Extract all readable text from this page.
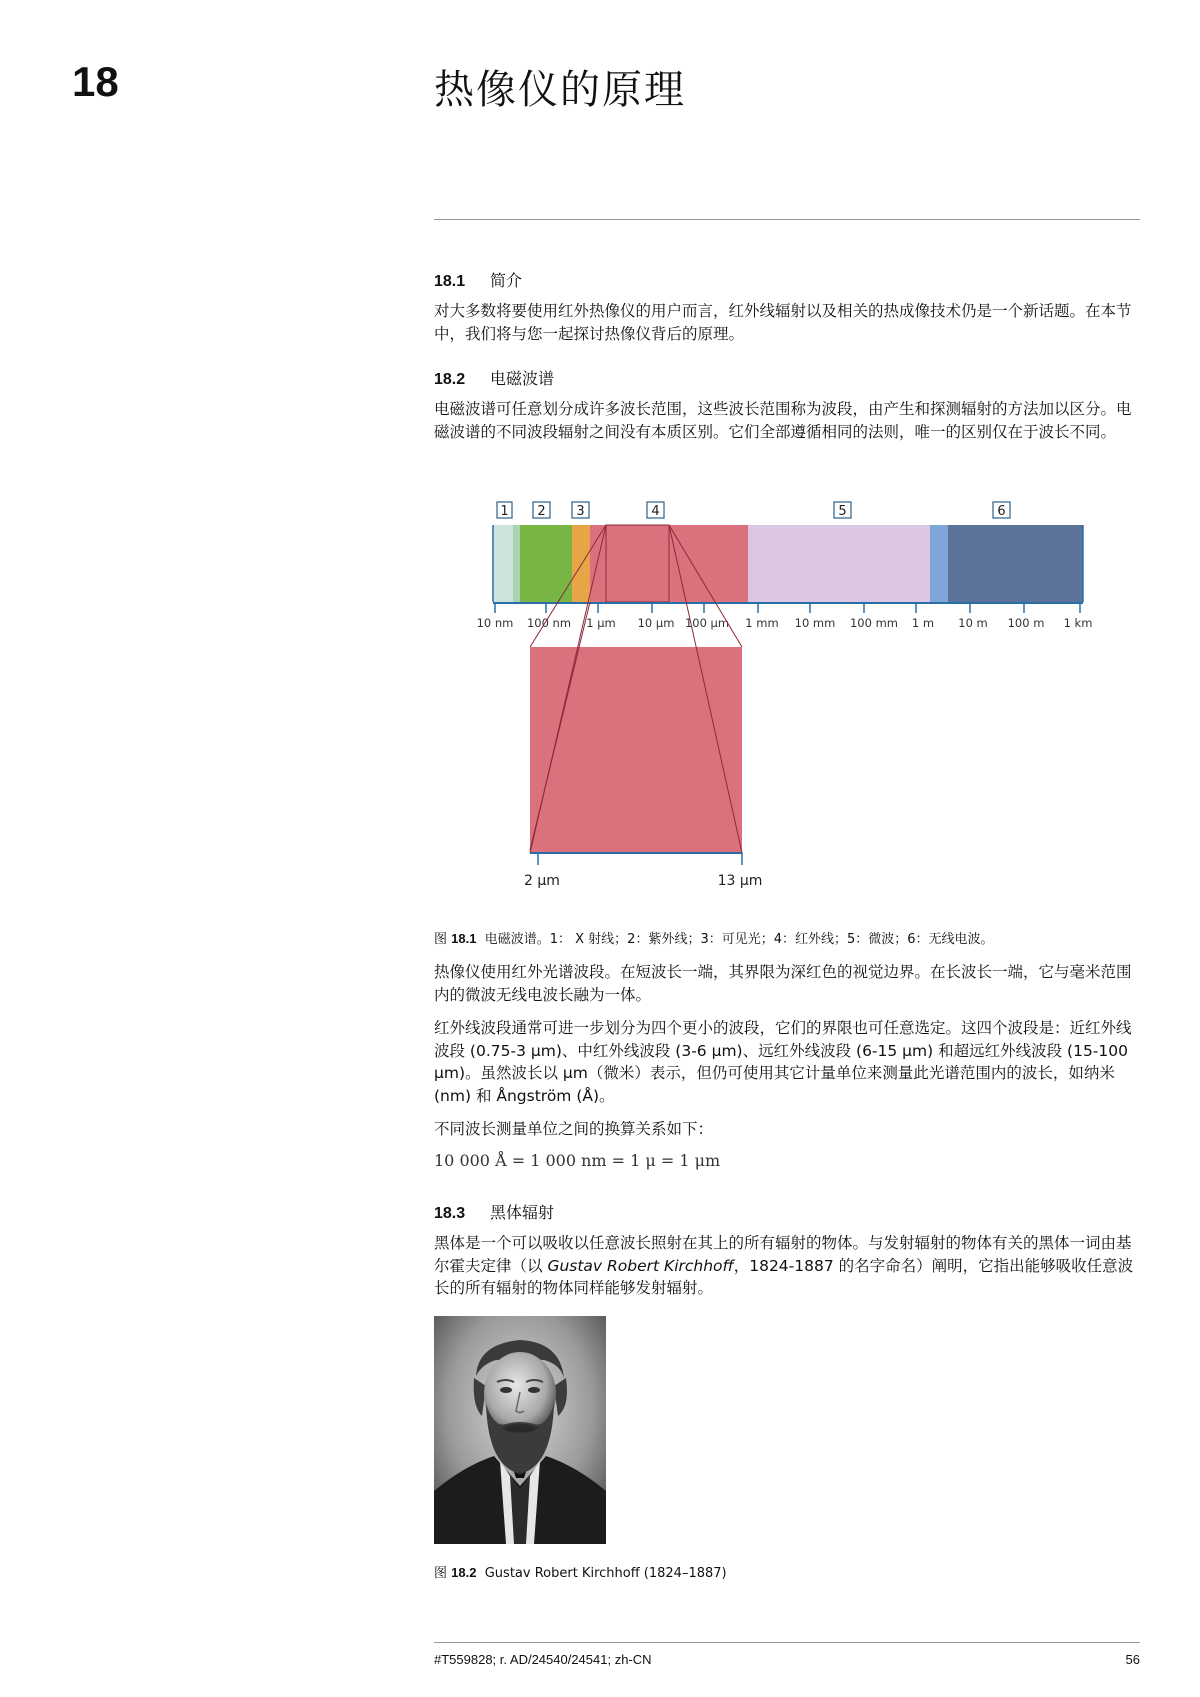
18	热像仪的原理
18.1 简介
对大多数将要使用红外热像仪的用户而言，红外线辐射以及相关的热成像技术仍是一个新话题。在本节中，我们将与您一起探讨热像仪背后的原理。
18.2 电磁波谱
电磁波谱可任意划分成许多波长范围，这些波长范围称为波段，由产生和探测辐射的方法加以区分。电磁波谱的不同波段辐射之间没有本质区别。它们全部遵循相同的法则，唯一的区别仅在于波长不同。
1 2 3	4	5	6
10 nm 100 nm 1 µm 10 µm 100 µm 1 mm 10 mm 100 mm 1 m 10 m 100 m 1 km
2 µm	13 µm
图 18.1 电磁波谱。1： X 射线；2：紫外线；3：可见光；4：红外线；5：微波；6：无线电波。
热像仪使用红外光谱波段。在短波长一端，其界限为深红色的视觉边界。在长波长一端，它与毫米范围内的微波无线电波长融为一体。
红外线波段通常可进一步划分为四个更小的波段，它们的界限也可任意选定。这四个波段是：近红外线波段 (0.75-3 µm)、中红外线波段 (3-6 µm)、远红外线波段 (6-15 µm) 和超远红外线波段 (15-100 µm)。虽然波长以 µm（微米）表示，但仍可使用其它计量单位来测量此光谱范围内的波长，如纳米 (nm) 和 Ångström (Å)。
不同波长测量单位之间的换算关系如下：
10 000 Å = 1 000 nm = 1 μ = 1 μm
18.3 黑体辐射
黑体是一个可以吸收以任意波长照射在其上的所有辐射的物体。与发射辐射的物体有关的黑体一词由基尔霍夫定律（以 Gustav Robert Kirchhoff，1824-1887 的名字命名）阐明，它指出能够吸收任意波长的所有辐射的物体同样能够发射辐射。
图 18.2 Gustav Robert Kirchhoff (1824–1887)
#T559828; r. AD/24540/24541; zh-CN	56
